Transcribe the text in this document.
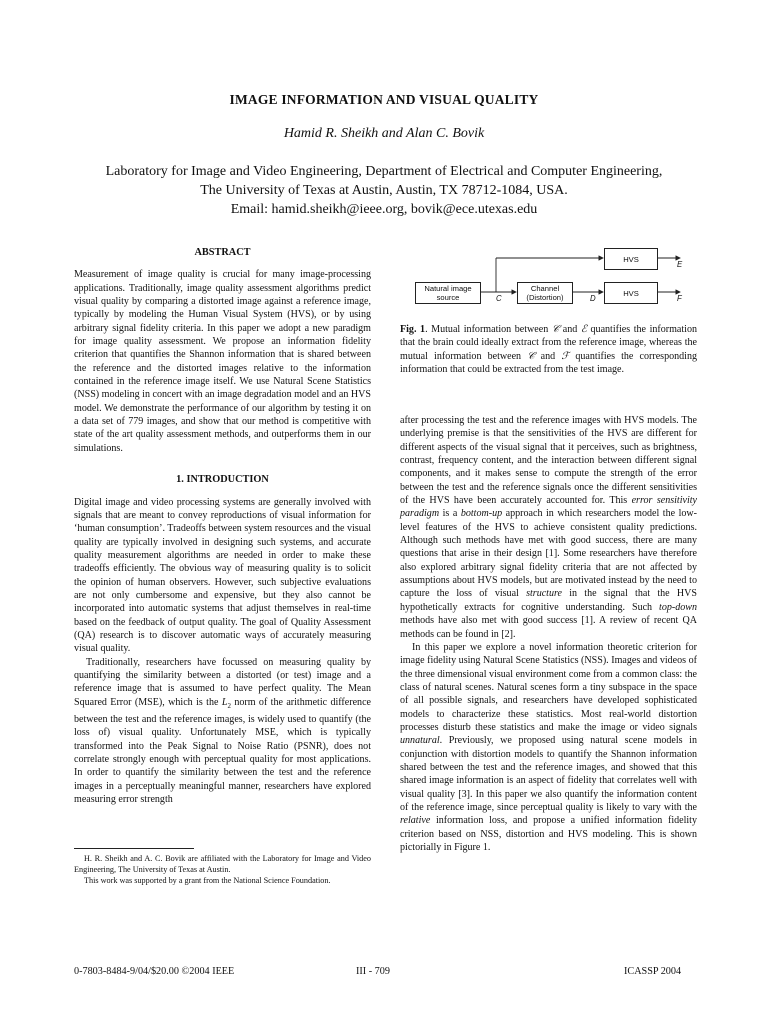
IMAGE INFORMATION AND VISUAL QUALITY
Hamid R. Sheikh and Alan C. Bovik
Laboratory for Image and Video Engineering, Department of Electrical and Computer Engineering,
The University of Texas at Austin, Austin, TX 78712-1084, USA.
Email: hamid.sheikh@ieee.org, bovik@ece.utexas.edu
ABSTRACT

Measurement of image quality is crucial for many image-processing applications. Traditionally, image quality assessment algorithms predict visual quality by comparing a distorted image against a reference image, typically by modeling the Human Visual System (HVS), or by using arbitrary signal fidelity criteria. In this paper we adopt a new paradigm for image quality assessment. We propose an information fidelity criterion that quantifies the Shannon information that is shared between the reference and the distorted images relative to the information contained in the reference image itself. We use Natural Scene Statistics (NSS) modeling in concert with an image degradation model and an HVS model. We demonstrate the performance of our algorithm by testing it on a data set of 779 images, and show that our method is competitive with state of the art quality assessment methods, and outperforms them in our simulations.

1. INTRODUCTION

Digital image and video processing systems are generally involved with signals that are meant to convey reproductions of visual information for ‘human consumption’. Tradeoffs between system resources and the visual quality are typically involved in designing such systems, and accurate quality measurement algorithms are needed in order to make these tradeoffs efficiently. The obvious way of measuring quality is to solicit the opinion of human observers. However, such subjective evaluations are not only cumbersome and expensive, but they also cannot be incorporated into automatic systems that adjust themselves in real-time based on the feedback of output quality. The goal of Quality Assessment (QA) research is to discover automatic ways of accurately measuring visual quality.

Traditionally, researchers have focussed on measuring quality by quantifying the similarity between a distorted (or test) image and a reference image that is assumed to have perfect quality. The Mean Squared Error (MSE), which is the $L_2$ norm of the arithmetic difference between the test and the reference images, is widely used to quantify (the loss of) visual quality. Unfortunately MSE, which is typically transformed into the Peak Signal to Noise Ratio (PSNR), does not correlate strongly enough with perceptual quality for most applications. In order to quantify the similarity between the test and the reference images in a perceptually meaningful manner, researchers have explored measuring error strength

H. R. Sheikh and A. C. Bovik are affiliated with the Laboratory for Image and Video Engineering, The University of Texas at Austin.

This work was supported by a grant from the National Science Foundation.

Natural image source
Channel (Distortion)
HVS
HVS
C	D
E
F
Fig. 1. Mutual information between 𝒞 and ℰ quantifies the information that the brain could ideally extract from the reference image, whereas the mutual information between 𝒞 and ℱ quantifies the corresponding information that could be extracted from the test image.

after processing the test and the reference images with HVS models. The underlying premise is that the sensitivities of the HVS are different for different aspects of the visual signal that it perceives, such as brightness, contrast, frequency content, and the interaction between different signal components, and it makes sense to compute the strength of the error between the test and the reference signals once the different sensitivities of the HVS have been accurately accounted for. This error sensitivity paradigm is a bottom-up approach in which researchers model the low-level features of the HVS to achieve consistent quality predictions. Although such methods have met with good success, there are many questions that arise in their design [1]. Some researchers have therefore also explored arbitrary signal fidelity criteria that are not affected by assumptions about HVS models, but are motivated instead by the need to capture the loss of visual structure in the signal that the HVS hypothetically extracts for cognitive understanding. Such top-down methods have also met with good success [1]. A review of recent QA methods can be found in [2].

In this paper we explore a novel information theoretic criterion for image fidelity using Natural Scene Statistics (NSS). Images and videos of the three dimensional visual environment come from a common class: the class of natural scenes. Natural scenes form a tiny subspace in the space of all possible signals, and researchers have developed sophisticated models to characterize these statistics. Most real-world distortion processes disturb these statistics and make the image or video signals unnatural. Previously, we proposed using natural scene models in conjunction with distortion models to quantify the Shannon information shared between the test and the reference images, and showed that this shared image information is an aspect of fidelity that correlates well with visual quality [3]. In this paper we also quantify the information content of the reference image, since perceptual quality is likely to vary with the relative information loss, and propose a unified information fidelity criterion based on NSS, distortion and HVS modeling. This is shown pictorially in Figure 1.

0-7803-8484-9/04/$20.00 ©2004 IEEE	III - 709	ICASSP 2004
